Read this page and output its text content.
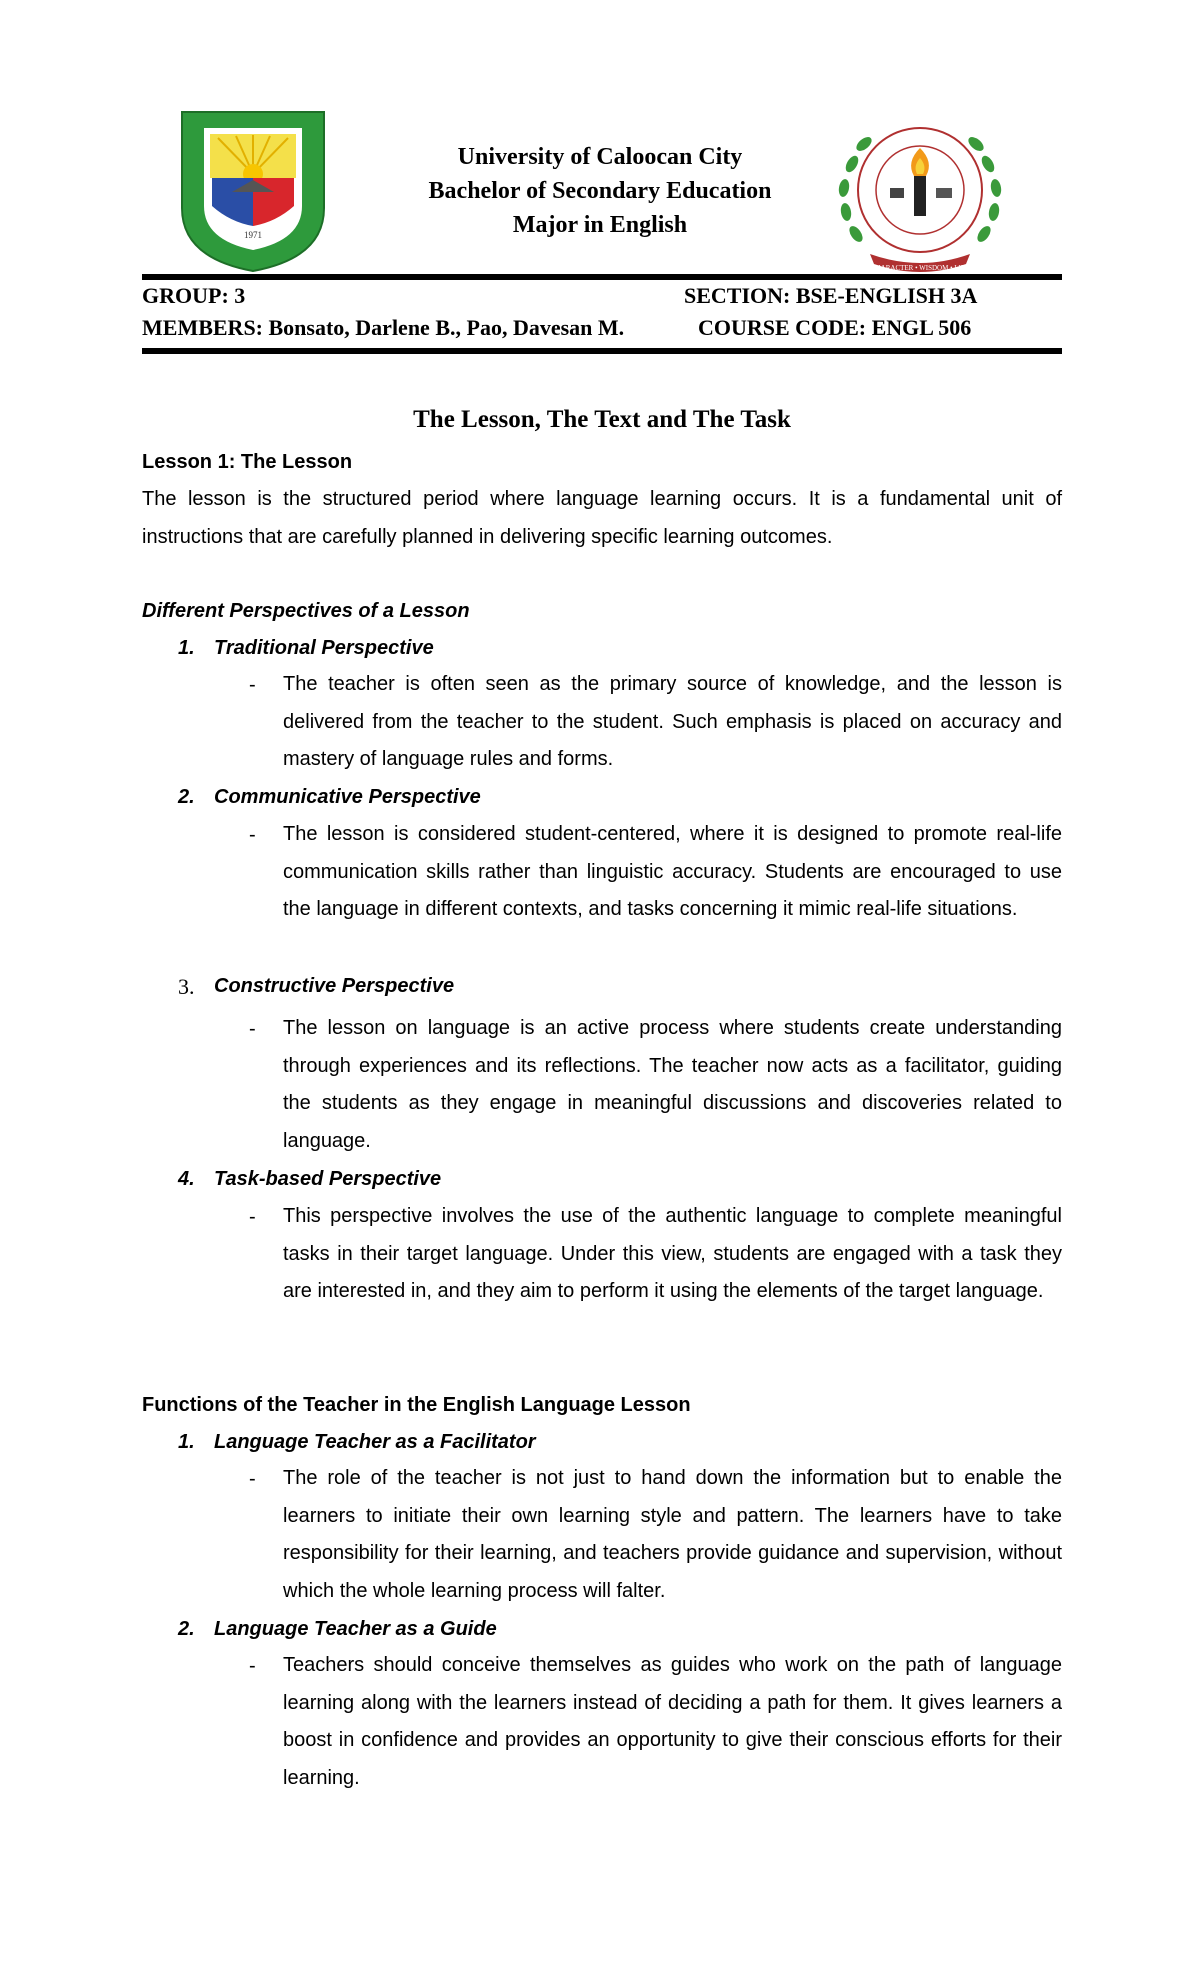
1971
University of Caloocan City
Bachelor of Secondary Education
Major in English
CHARACTER • WISDOM • LIFE
GROUP: 3	SECTION: BSE-ENGLISH 3A
MEMBERS: Bonsato, Darlene B., Pao, Davesan M.	COURSE CODE: ENGL 506
The Lesson, The Text and The Task
Lesson 1: The Lesson
The lesson is the structured period where language learning occurs. It is a fundamental unit of instructions that are carefully planned in delivering specific learning outcomes.
Different Perspectives of a Lesson
1. Traditional Perspective
- The teacher is often seen as the primary source of knowledge, and the lesson is delivered from the teacher to the student. Such emphasis is placed on accuracy and mastery of language rules and forms.
2. Communicative Perspective
- The lesson is considered student-centered, where it is designed to promote real-life communication skills rather than linguistic accuracy. Students are encouraged to use the language in different contexts, and tasks concerning it mimic real-life situations.
3. Constructive Perspective
- The lesson on language is an active process where students create understanding through experiences and its reflections. The teacher now acts as a facilitator, guiding the students as they engage in meaningful discussions and discoveries related to language.
4. Task-based Perspective
- This perspective involves the use of the authentic language to complete meaningful tasks in their target language. Under this view, students are engaged with a task they are interested in, and they aim to perform it using the elements of the target language.
Functions of the Teacher in the English Language Lesson
1. Language Teacher as a Facilitator
- The role of the teacher is not just to hand down the information but to enable the learners to initiate their own learning style and pattern. The learners have to take responsibility for their learning, and teachers provide guidance and supervision, without which the whole learning process will falter.
2. Language Teacher as a Guide
- Teachers should conceive themselves as guides who work on the path of language learning along with the learners instead of deciding a path for them. It gives learners a boost in confidence and provides an opportunity to give their conscious efforts for their learning.
